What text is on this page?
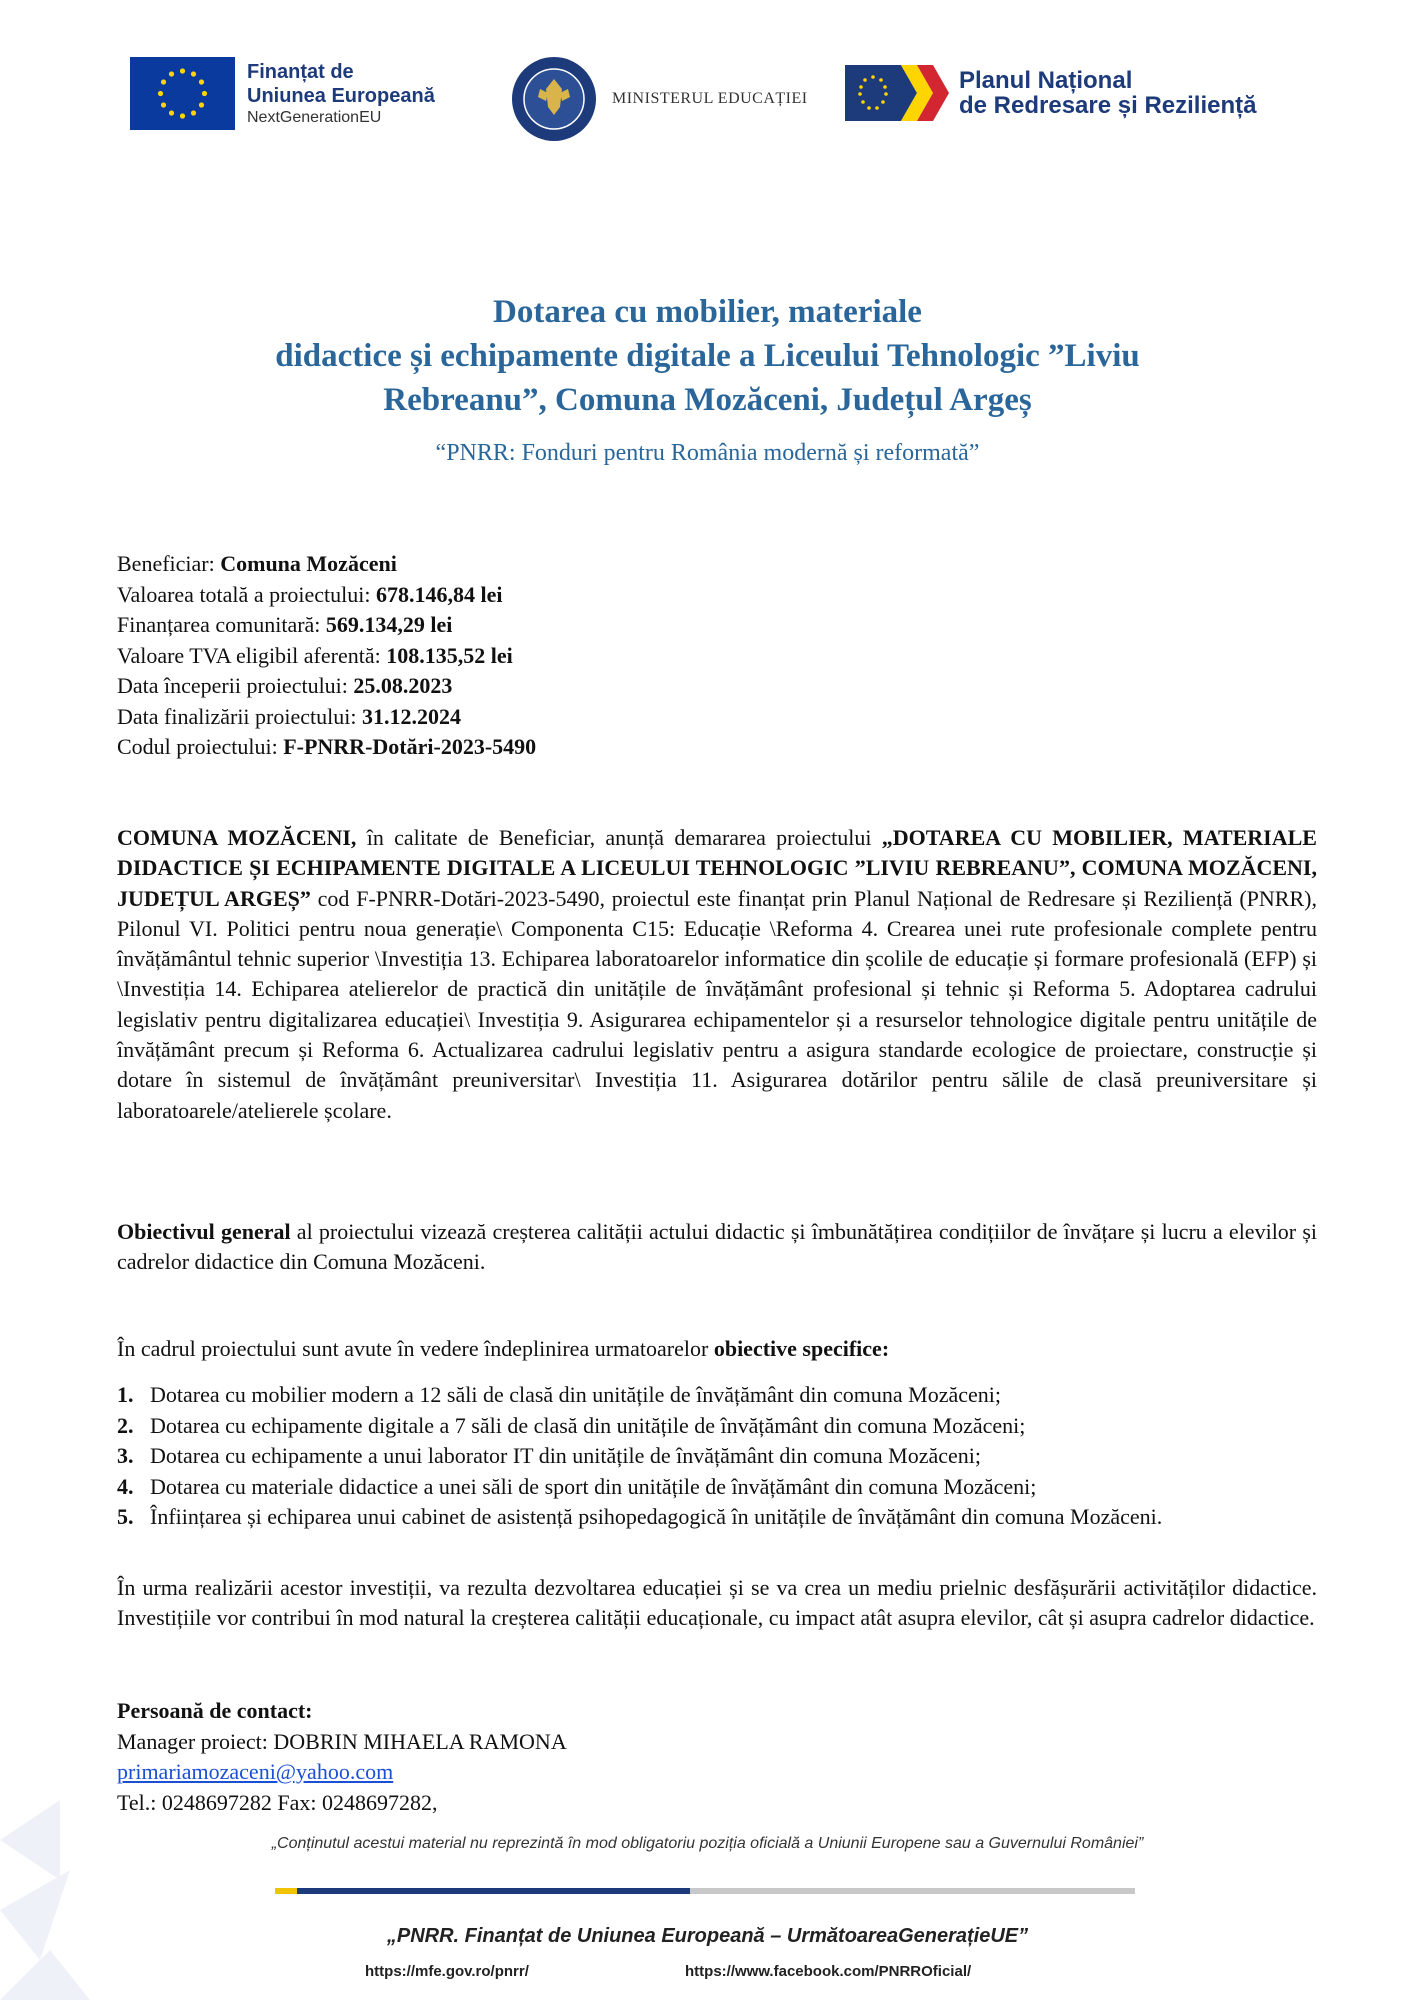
Finanțat de
Uniunea Europeană
NextGenerationEU
MINISTERUL EDUCAȚIEI
Planul Național
de Redresare și Reziliență
Dotarea cu mobilier, materiale
didactice și echipamente digitale a Liceului Tehnologic ”Liviu
Rebreanu”, Comuna Mozăceni, Județul Argeș
“PNRR: Fonduri pentru România modernă și reformată”
Beneficiar: Comuna Mozăceni
Valoarea totală a proiectului: 678.146,84 lei
Finanțarea comunitară: 569.134,29 lei
Valoare TVA eligibil aferentă: 108.135,52 lei
Data începerii proiectului: 25.08.2023
Data finalizării proiectului: 31.12.2024
Codul proiectului: F-PNRR-Dotări-2023-5490
COMUNA MOZĂCENI, în calitate de Beneficiar, anunță demararea proiectului „DOTAREA CU MOBILIER, MATERIALE DIDACTICE ȘI ECHIPAMENTE DIGITALE A LICEULUI TEHNOLOGIC ”LIVIU REBREANU”, COMUNA MOZĂCENI, JUDEȚUL ARGEȘ” cod F-PNRR-Dotări-2023-5490, proiectul este finanțat prin Planul Național de Redresare și Reziliență (PNRR), Pilonul VI. Politici pentru noua generație\ Componenta C15: Educație \Reforma 4. Crearea unei rute profesionale complete pentru învățământul tehnic superior \Investiția 13. Echiparea laboratoarelor informatice din școlile de educație și formare profesională (EFP) și \Investiția 14. Echiparea atelierelor de practică din unitățile de învățământ profesional și tehnic și Reforma 5. Adoptarea cadrului legislativ pentru digitalizarea educației\ Investiția 9. Asigurarea echipamentelor și a resurselor tehnologice digitale pentru unitățile de învățământ precum și Reforma 6. Actualizarea cadrului legislativ pentru a asigura standarde ecologice de proiectare, construcție și dotare în sistemul de învățământ preuniversitar\ Investiția 11. Asigurarea dotărilor pentru sălile de clasă preuniversitare și laboratoarele/atelierele școlare.
Obiectivul general al proiectului vizează creșterea calității actului didactic și îmbunătățirea condițiilor de învățare și lucru a elevilor și cadrelor didactice din Comuna Mozăceni.
În cadrul proiectului sunt avute în vedere îndeplinirea urmatoarelor obiective specifice:
1. Dotarea cu mobilier modern a 12 săli de clasă din unitățile de învățământ din comuna Mozăceni;
2. Dotarea cu echipamente digitale a 7 săli de clasă din unitățile de învățământ din comuna Mozăceni;
3. Dotarea cu echipamente a unui laborator IT din unitățile de învățământ din comuna Mozăceni;
4. Dotarea cu materiale didactice a unei săli de sport din unitățile de învățământ din comuna Mozăceni;
5. Înființarea și echiparea unui cabinet de asistență psihopedagogică în unitățile de învățământ din comuna Mozăceni.
În urma realizării acestor investiții, va rezulta dezvoltarea educației și se va crea un mediu prielnic desfășurării activităților didactice. Investițiile vor contribui în mod natural la creșterea calității educaționale, cu impact atât asupra elevilor, cât și asupra cadrelor didactice.
Persoană de contact:
Manager proiect: DOBRIN MIHAELA RAMONA
primariamozaceni@yahoo.com
Tel.: 0248697282 Fax: 0248697282,
„Conținutul acestui material nu reprezintă în mod obligatoriu poziția oficială a Uniunii Europene sau a Guvernului României”
„PNRR. Finanțat de Uniunea Europeană – UrmătoareaGenerațieUE”
https://mfe.gov.ro/pnrr/	https://www.facebook.com/PNRROficial/
